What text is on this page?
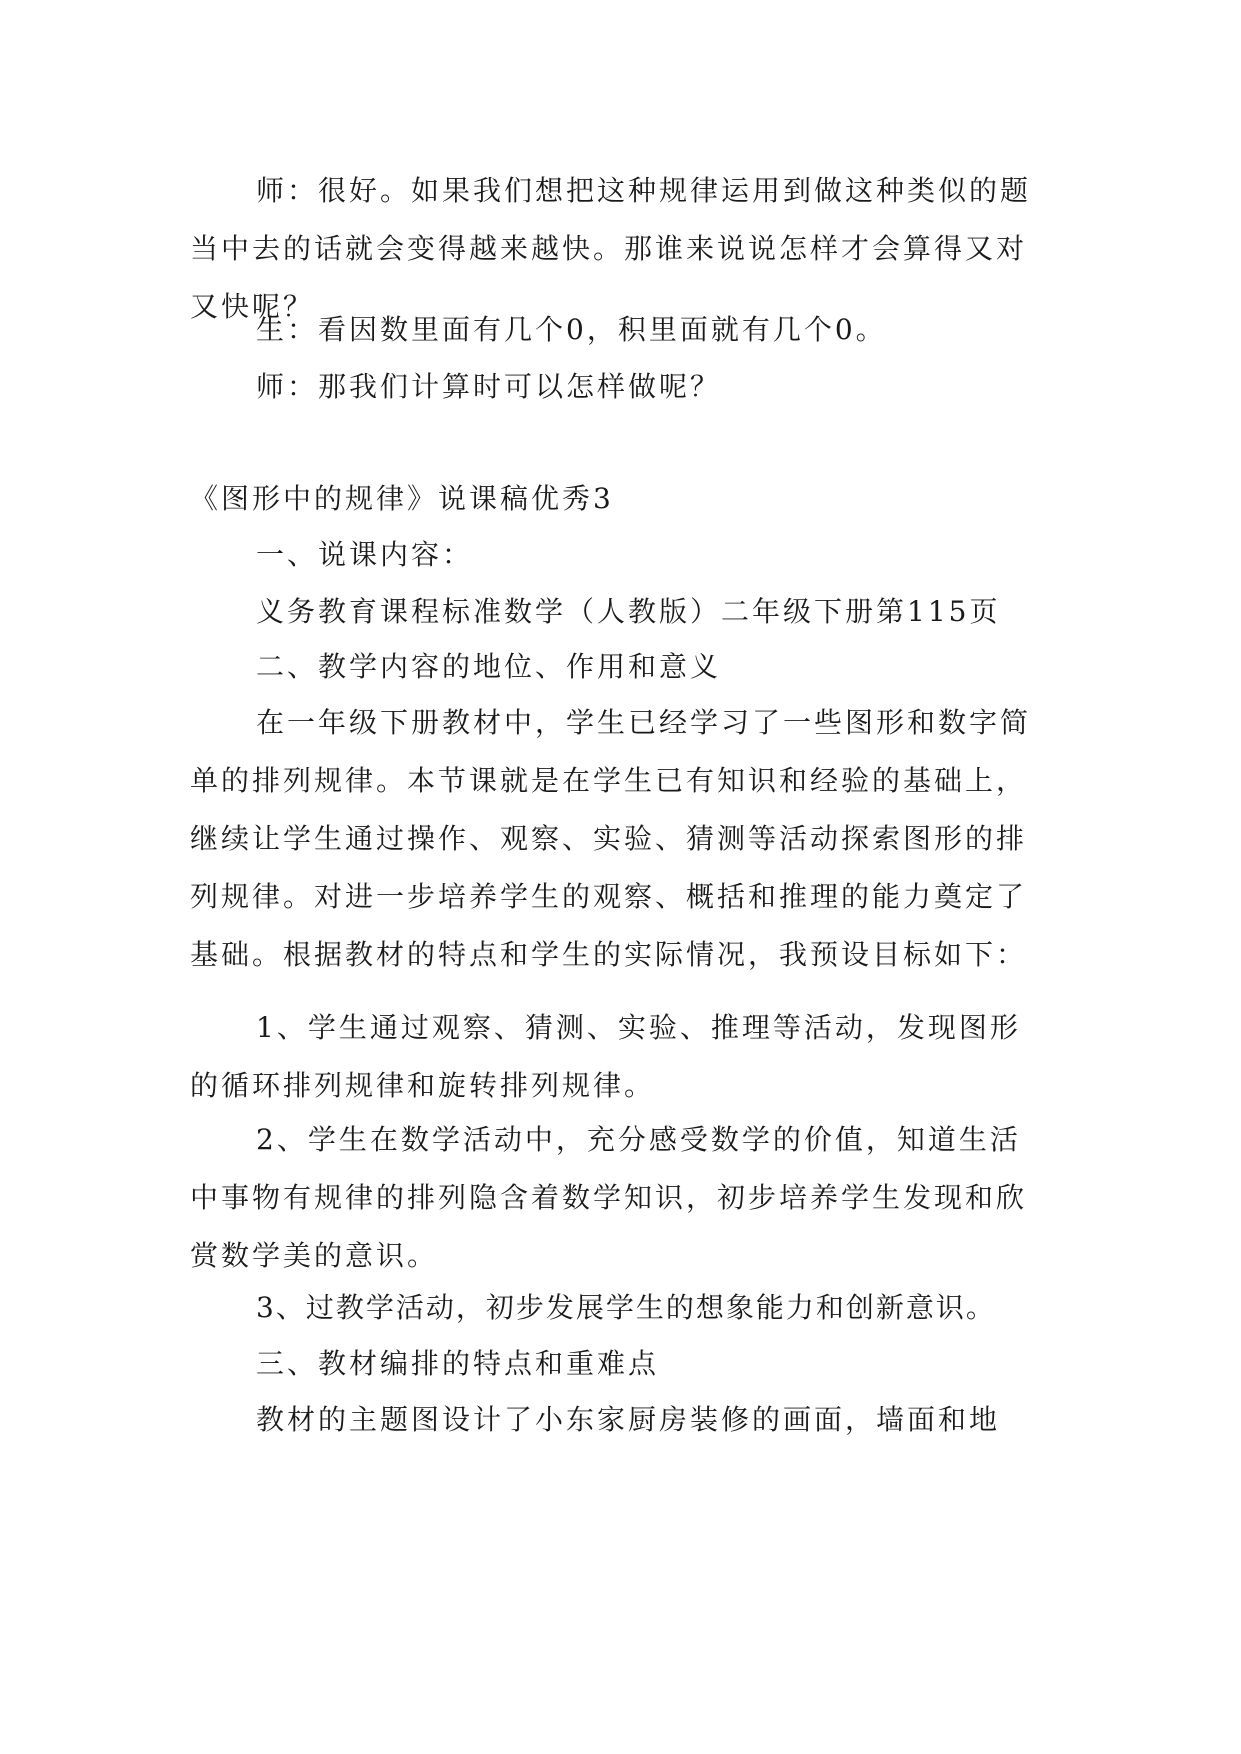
师：很好。如果我们想把这种规律运用到做这种类似的题当中去的话就会变得越来越快。那谁来说说怎样才会算得又对又快呢？
生：看因数里面有几个0，积里面就有几个0。
师：那我们计算时可以怎样做呢？
《图形中的规律》说课稿优秀3
一、说课内容：
义务教育课程标准数学（人教版）二年级下册第115页
二、教学内容的地位、作用和意义
在一年级下册教材中，学生已经学习了一些图形和数字简单的排列规律。本节课就是在学生已有知识和经验的基础上，继续让学生通过操作、观察、实验、猜测等活动探索图形的排列规律。对进一步培养学生的观察、概括和推理的能力奠定了基础。根据教材的特点和学生的实际情况，我预设目标如下：
1、学生通过观察、猜测、实验、推理等活动，发现图形的循环排列规律和旋转排列规律。
2、学生在数学活动中，充分感受数学的价值，知道生活中事物有规律的排列隐含着数学知识，初步培养学生发现和欣赏数学美的意识。
3、过教学活动，初步发展学生的想象能力和创新意识。
三、教材编排的特点和重难点
教材的主题图设计了小东家厨房装修的画面，墙面和地
